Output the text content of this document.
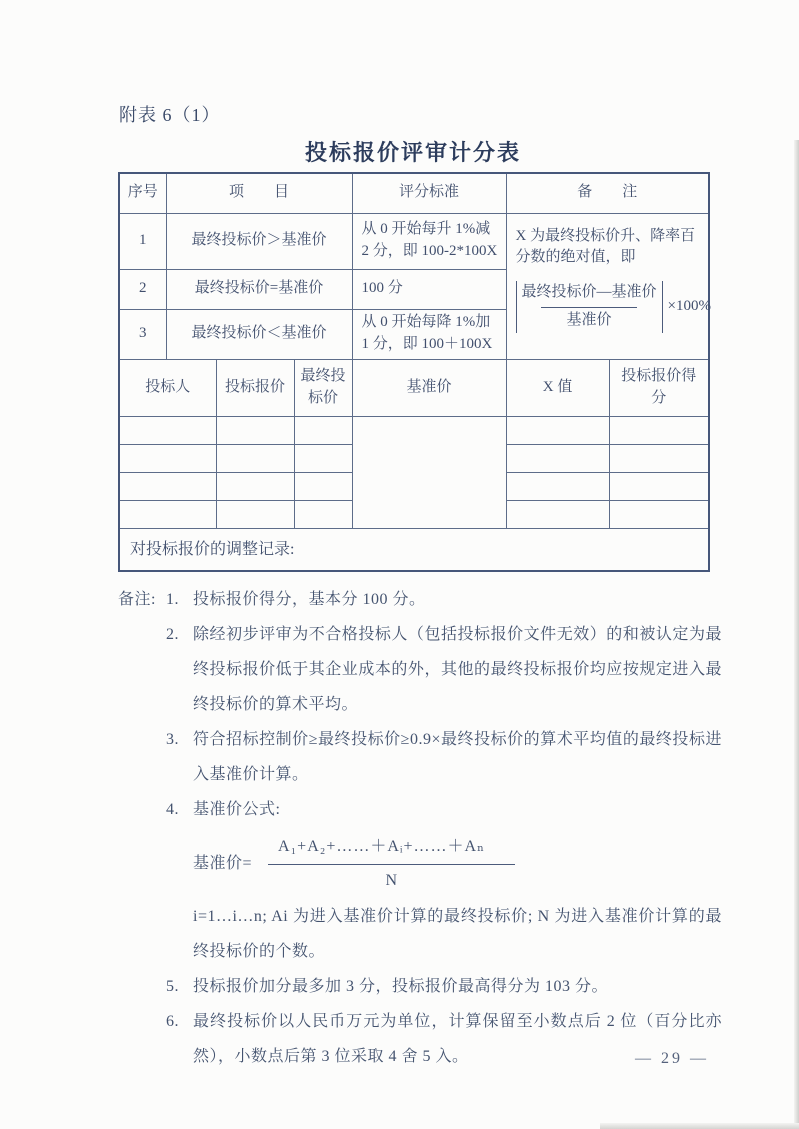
附表 6（1）
投标报价评审计分表
序号	项　　目			评分标准	备　　注	
1	最终投标价＞基准价			从 0 开始每升 1%减 2 分，即 100-2*100X	X 为最终投标价升、降率百分数的绝对值，即
$\frac{\text{最终投标价—基准价}}{\text{基准价}} \times 100\%$	

2	最终投标价=基准价			100 分		
3	最终投标价＜基准价			从 0 开始每降 1%加 1 分，即 100＋100X		
投标人		投标报价	最终投标价	基准价	X 值	投标报价得分

对投标报价的调整记录:						
备注: 1. 投标报价得分，基本分 100 分。
2. 除经初步评审为不合格投标人（包括投标报价文件无效）的和被认定为最终投标报价低于其企业成本的外，其他的最终投标报价均应按规定进入最终投标价的算术平均。
3. 符合招标控制价≥最终投标价≥0.9×最终投标价的算术平均值的最终投标进入基准价计算。
4. 基准价公式:
基准价= $\frac{\text{A₁+A₂+……＋Aᵢ+……＋Aₙ}}{N}$
i=1…i…n; Ai 为进入基准价计算的最终投标价; N 为进入基准价计算的最终投标价的个数。
5. 投标报价加分最多加 3 分，投标报价最高得分为 103 分。
6. 最终投标价以人民币万元为单位，计算保留至小数点后 2 位（百分比亦然），小数点后第 3 位采取 4 舍 5 入。	— 29 —
